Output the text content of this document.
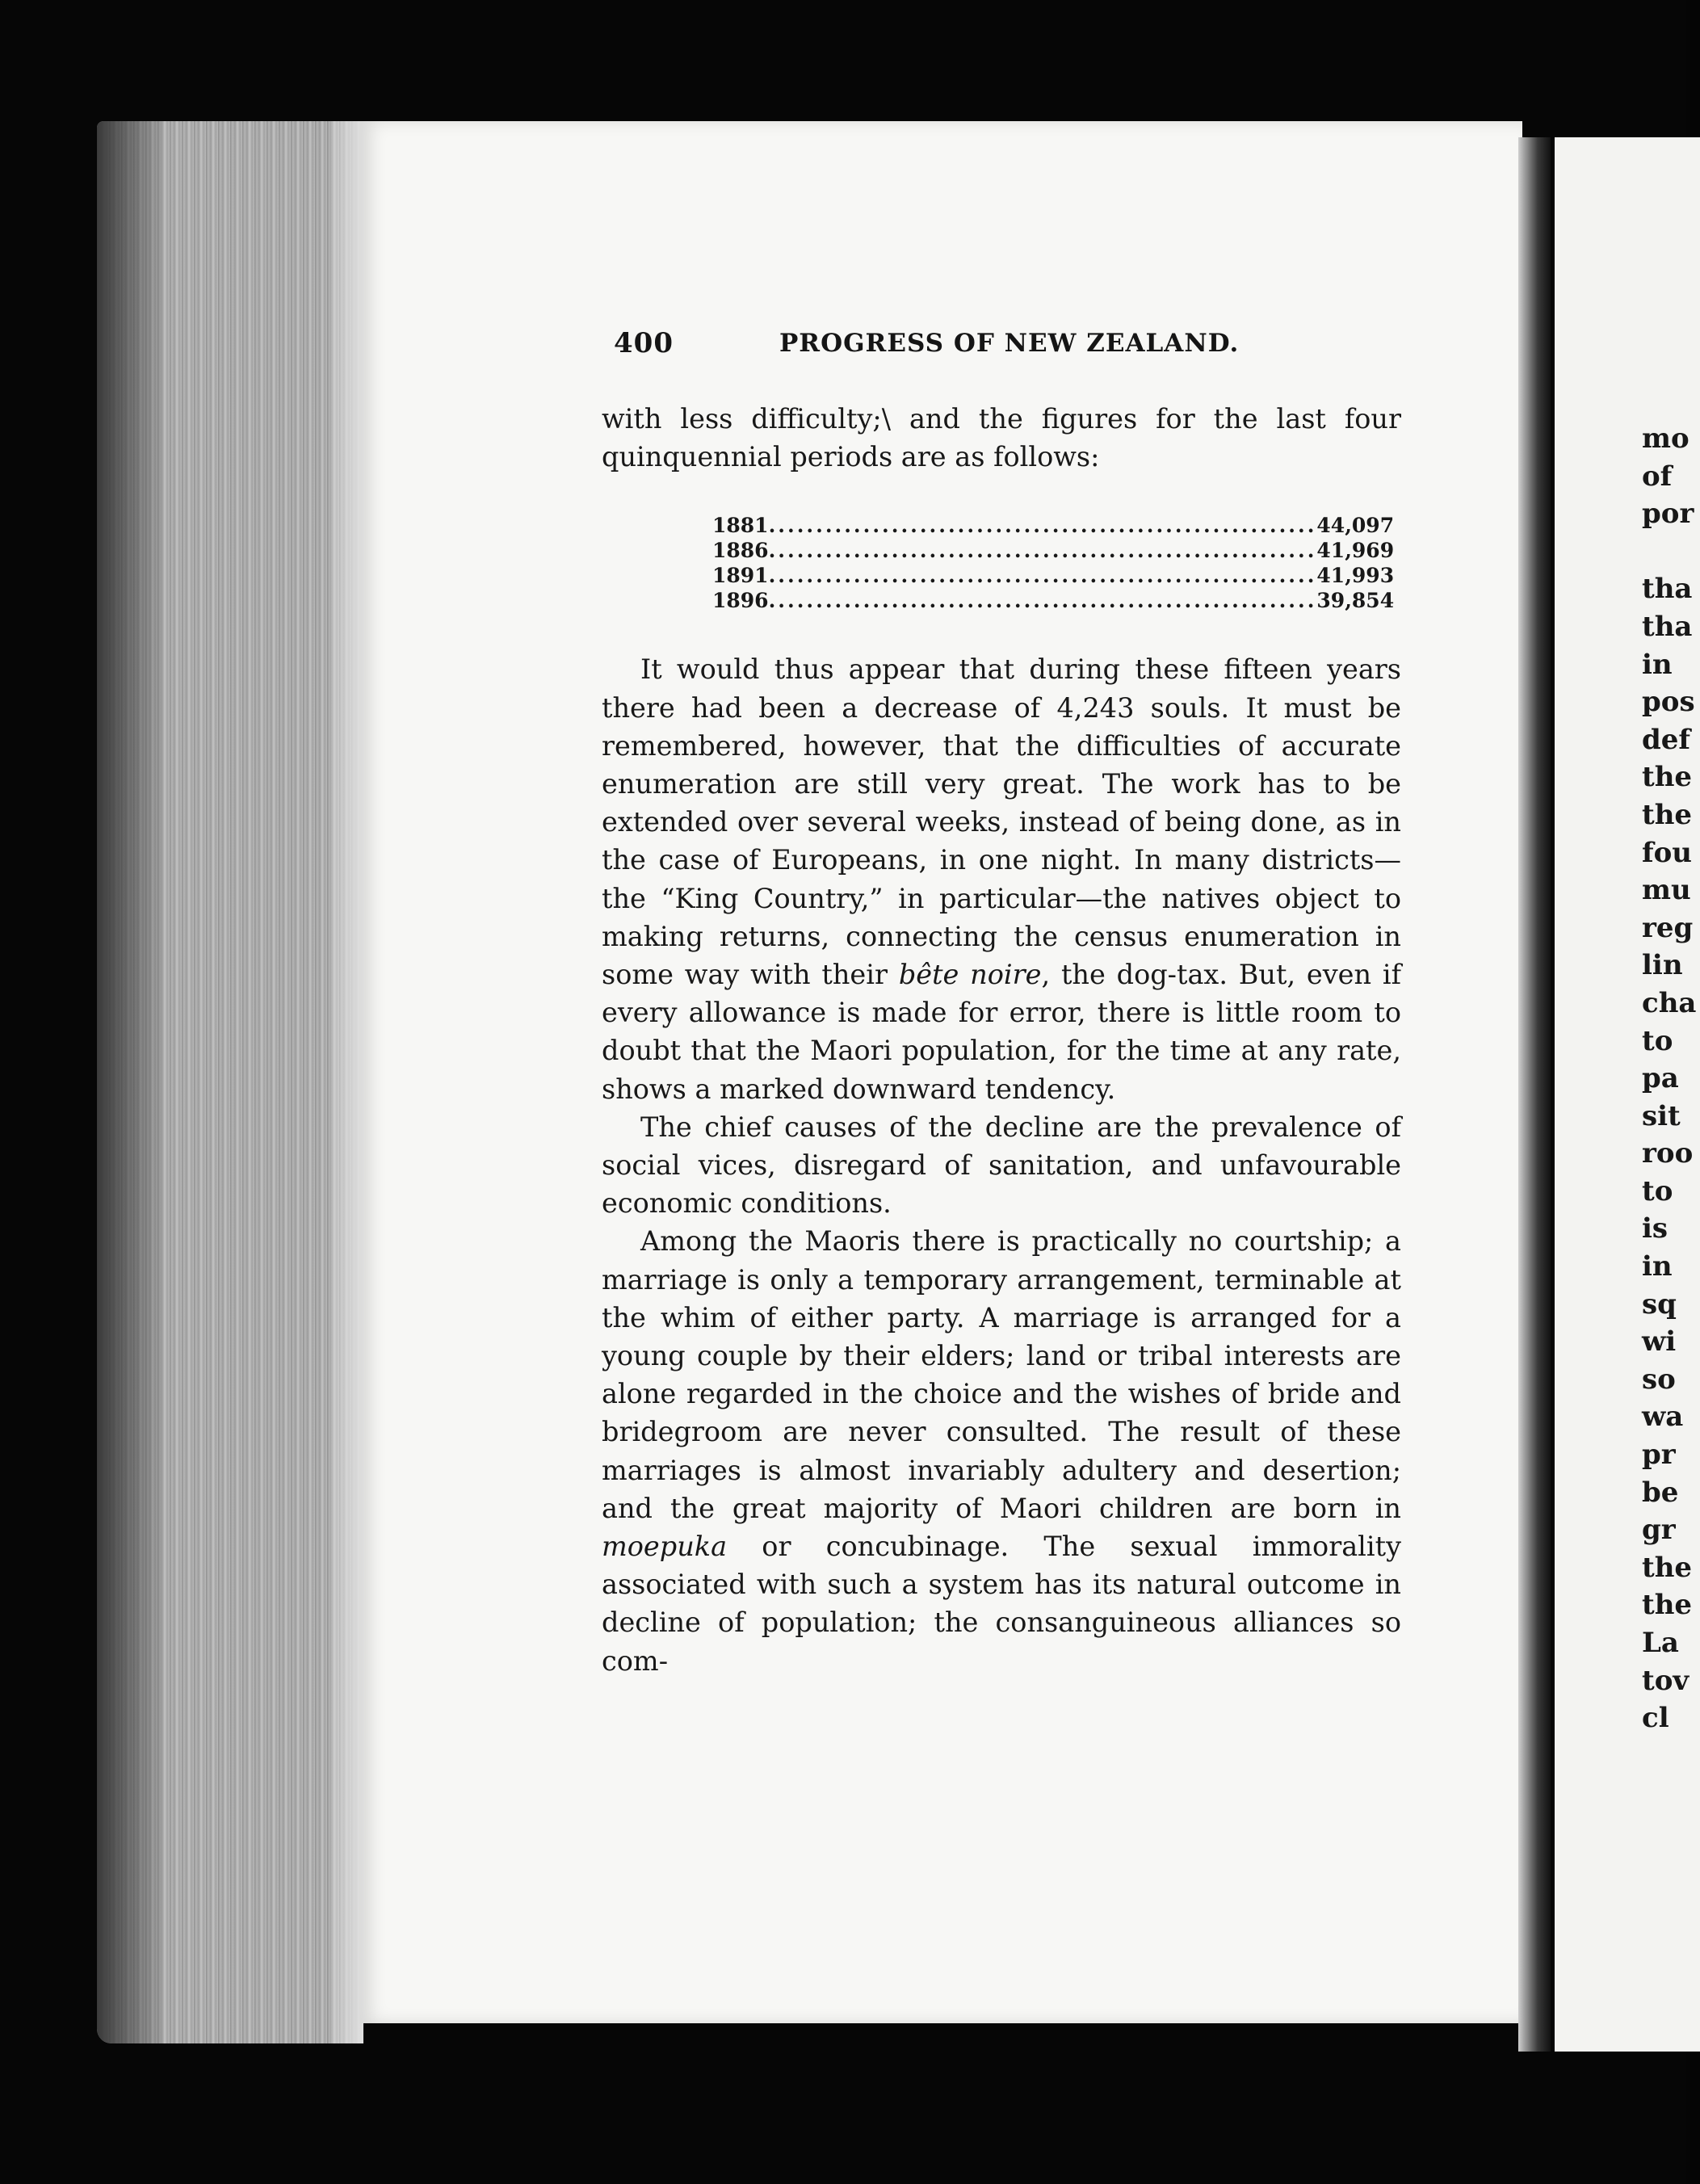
400	PROGRESS OF NEW ZEALAND.

with less difficulty;\ and the figures for the last four

quinquennial periods are as follows:

1881 .......................................................... 44,097
1886 .......................................................... 41,969
1891 .......................................................... 41,993
1896 .......................................................... 39,854

It would thus appear that during these fifteen years there had been a decrease of 4,243 souls. It must be remembered, however, that the difficulties of accurate enumeration are still very great. The work has to be extended over several weeks, instead of being done, as in the case of Europeans, in one night. In many districts—the “King Country,” in particular—the natives object to making returns, connecting the census enumeration in some way with their bête noire, the dog-tax. But, even if every allowance is made for error, there is little room to doubt that the Maori population, for the time at any rate, shows a marked downward tendency.

The chief causes of the decline are the prevalence of social vices, disregard of sanitation, and unfavourable economic conditions.

Among the Maoris there is practically no courtship; a marriage is only a temporary arrangement, terminable at the whim of either party. A marriage is arranged for a young couple by their elders; land or tribal interests are alone regarded in the choice and the wishes of bride and bridegroom are never consulted. The result of these marriages is almost invariably adultery and desertion; and the great majority of Maori children are born in moepuka or concubinage. The sexual immorality associated with such a system has its natural outcome in decline of population; the consanguineous alliances so com-

mo
of
por

tha
tha
in
pos
def
the
the
fou
mu
reg
lin
cha
to
pa
sit
roo
to
is
in
sq
wi
so
wa
pr
be
gr
the
the
La
tov
cl
